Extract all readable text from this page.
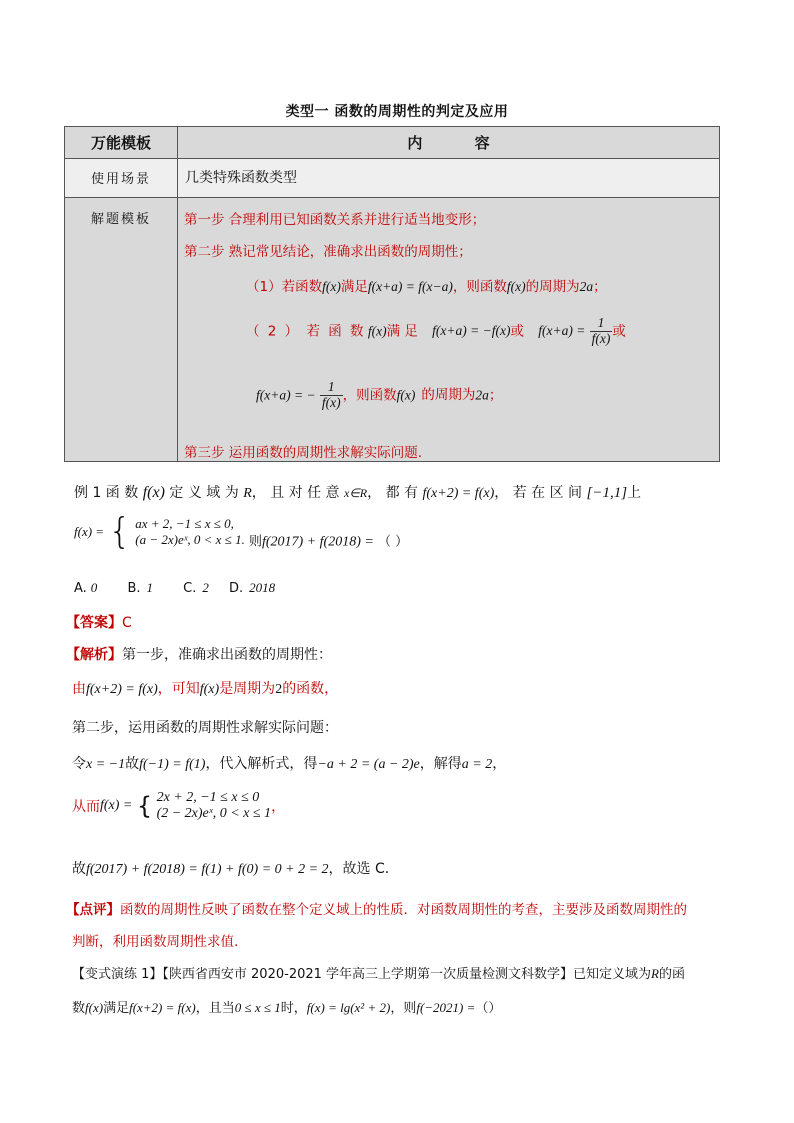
类型一 函数的周期性的判定及应用
万能模板	内          容

使用场景	几类特殊函数类型

解题模板	
		第一步 合理利用已知函数关系并进行适当地变形；
第二步 熟记常见结论，准确求出函数的周期性；
（1）若函数f(x)满足f(x+a) = f(x−a)，则函数f(x)的周期为2a；
（ 2 ） 若 函 数 f(x)满 足 f(x+a) = −f(x)或 $f(x+a) = \frac{1}{f(x)}$ 或
f(x+a) = − $\frac{1}{f(x)}$ ，则函数f(x) 的周期为2a；
第三步 运用函数的周期性求解实际问题.
例 1 函 数 f(x) 定 义 域 为 R， 且 对 任 意 x∈R， 都 有 f(x+2) = f(x)， 若 在 区 间 [−1,1]上
f(x) = { ax + 2, −1 ≤ x ≤ 0,
(a − 2x)eˣ, 0 < x ≤ 1. 则f(2017) + f(2018) = （ ）
A. 0 B. 1 C. 2 D. 2018
【答案】C
【解析】第一步，准确求出函数的周期性：
由f(x+2) = f(x)，可知f(x)是周期为2的函数，
第二步，运用函数的周期性求解实际问题：
令x = −1故f(−1) = f(1)，代入解析式，得−a + 2 = (a − 2)e，解得a = 2，
从而f(x) = { 2x + 2, −1 ≤ x ≤ 0
(2 − 2x)eˣ, 0 < x ≤ 1 ，
故f(2017) + f(2018) = f(1) + f(0) = 0 + 2 = 2，故选 C.
【点评】函数的周期性反映了函数在整个定义域上的性质．对函数周期性的考查，主要涉及函数周期性的
判断，利用函数周期性求值.
【变式演练 1】【陕西省西安市 2020-2021 学年高三上学期第一次质量检测文科数学】已知定义域为R的函
数f(x)满足f(x+2) = f(x)，且当0 ≤ x ≤ 1时，f(x) = lg(x² + 2)，则f(−2021) =（）
